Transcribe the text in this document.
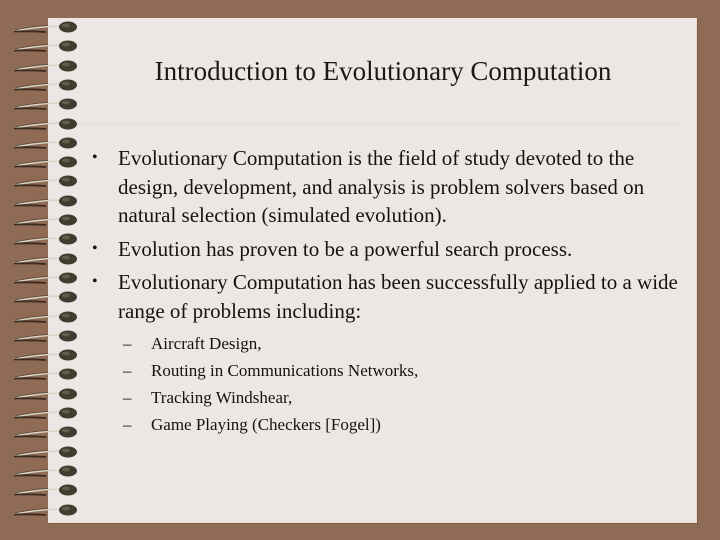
Introduction to Evolutionary Computation
• Evolutionary Computation is the field of study devoted to the design, development, and analysis is problem solvers based on natural selection (simulated evolution).
• Evolution has proven to be a powerful search process.
• Evolutionary Computation has been successfully applied to a wide range of problems including:
– Aircraft Design,
– Routing in Communications Networks,
– Tracking Windshear,
– Game Playing (Checkers [Fogel])
